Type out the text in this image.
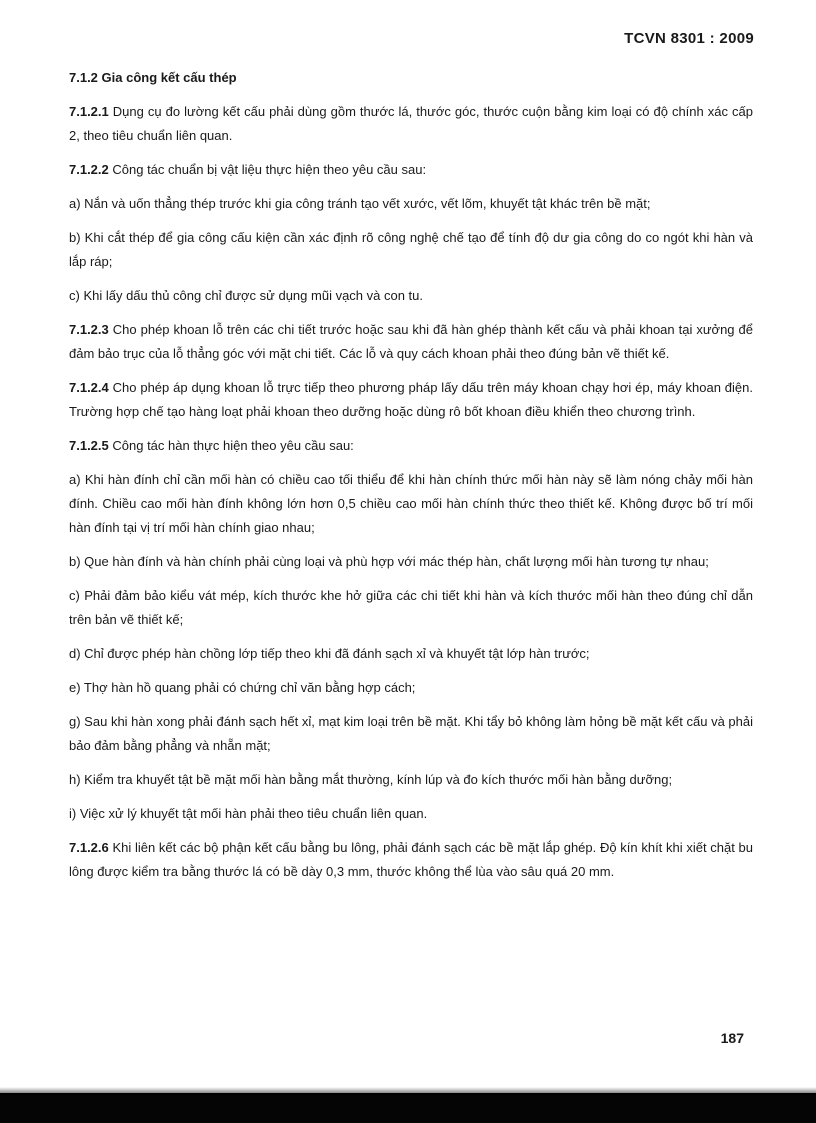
TCVN 8301 : 2009
7.1.2 Gia công kết cấu thép

7.1.2.1 Dụng cụ đo lường kết cấu phải dùng gồm thước lá, thước góc, thước cuộn bằng kim loại có độ chính xác cấp 2, theo tiêu chuẩn liên quan.

7.1.2.2 Công tác chuẩn bị vật liệu thực hiện theo yêu cầu sau:

a) Nắn và uốn thẳng thép trước khi gia công tránh tạo vết xước, vết lõm, khuyết tật khác trên bề mặt;

b) Khi cắt thép để gia công cấu kiện cần xác định rõ công nghệ chế tạo để tính độ dư gia công do co ngót khi hàn và lắp ráp;

c) Khi lấy dấu thủ công chỉ được sử dụng mũi vạch và con tu.

7.1.2.3 Cho phép khoan lỗ trên các chi tiết trước hoặc sau khi đã hàn ghép thành kết cấu và phải khoan tại xưởng để đảm bảo trục của lỗ thẳng góc với mặt chi tiết. Các lỗ và quy cách khoan phải theo đúng bản vẽ thiết kế.

7.1.2.4 Cho phép áp dụng khoan lỗ trực tiếp theo phương pháp lấy dấu trên máy khoan chạy hơi ép, máy khoan điện. Trường hợp chế tạo hàng loạt phải khoan theo dưỡng hoặc dùng rô bốt khoan điều khiển theo chương trình.

7.1.2.5 Công tác hàn thực hiện theo yêu cầu sau:

a) Khi hàn đính chỉ cần mối hàn có chiều cao tối thiểu để khi hàn chính thức mối hàn này sẽ làm nóng chảy mối hàn đính. Chiều cao mối hàn đính không lớn hơn 0,5 chiều cao mối hàn chính thức theo thiết kế. Không được bố trí mối hàn đính tại vị trí mối hàn chính giao nhau;

b) Que hàn đính và hàn chính phải cùng loại và phù hợp với mác thép hàn, chất lượng mối hàn tương tự nhau;

c) Phải đảm bảo kiểu vát mép, kích thước khe hở giữa các chi tiết khi hàn và kích thước mối hàn theo đúng chỉ dẫn trên bản vẽ thiết kế;

d) Chỉ được phép hàn chồng lớp tiếp theo khi đã đánh sạch xỉ và khuyết tật lớp hàn trước;

e) Thợ hàn hồ quang phải có chứng chỉ văn bằng hợp cách;

g) Sau khi hàn xong phải đánh sạch hết xỉ, mạt kim loại trên bề mặt. Khi tẩy bỏ không làm hỏng bề mặt kết cấu và phải bảo đảm bằng phẳng và nhẵn mặt;

h) Kiểm tra khuyết tật bề mặt mối hàn bằng mắt thường, kính lúp và đo kích thước mối hàn bằng dưỡng;

i) Việc xử lý khuyết tật mối hàn phải theo tiêu chuẩn liên quan.

7.1.2.6 Khi liên kết các bộ phận kết cấu bằng bu lông, phải đánh sạch các bề mặt lắp ghép. Độ kín khít khi xiết chặt bu lông được kiểm tra bằng thước lá có bề dày 0,3 mm, thước không thể lùa vào sâu quá 20 mm.

187
